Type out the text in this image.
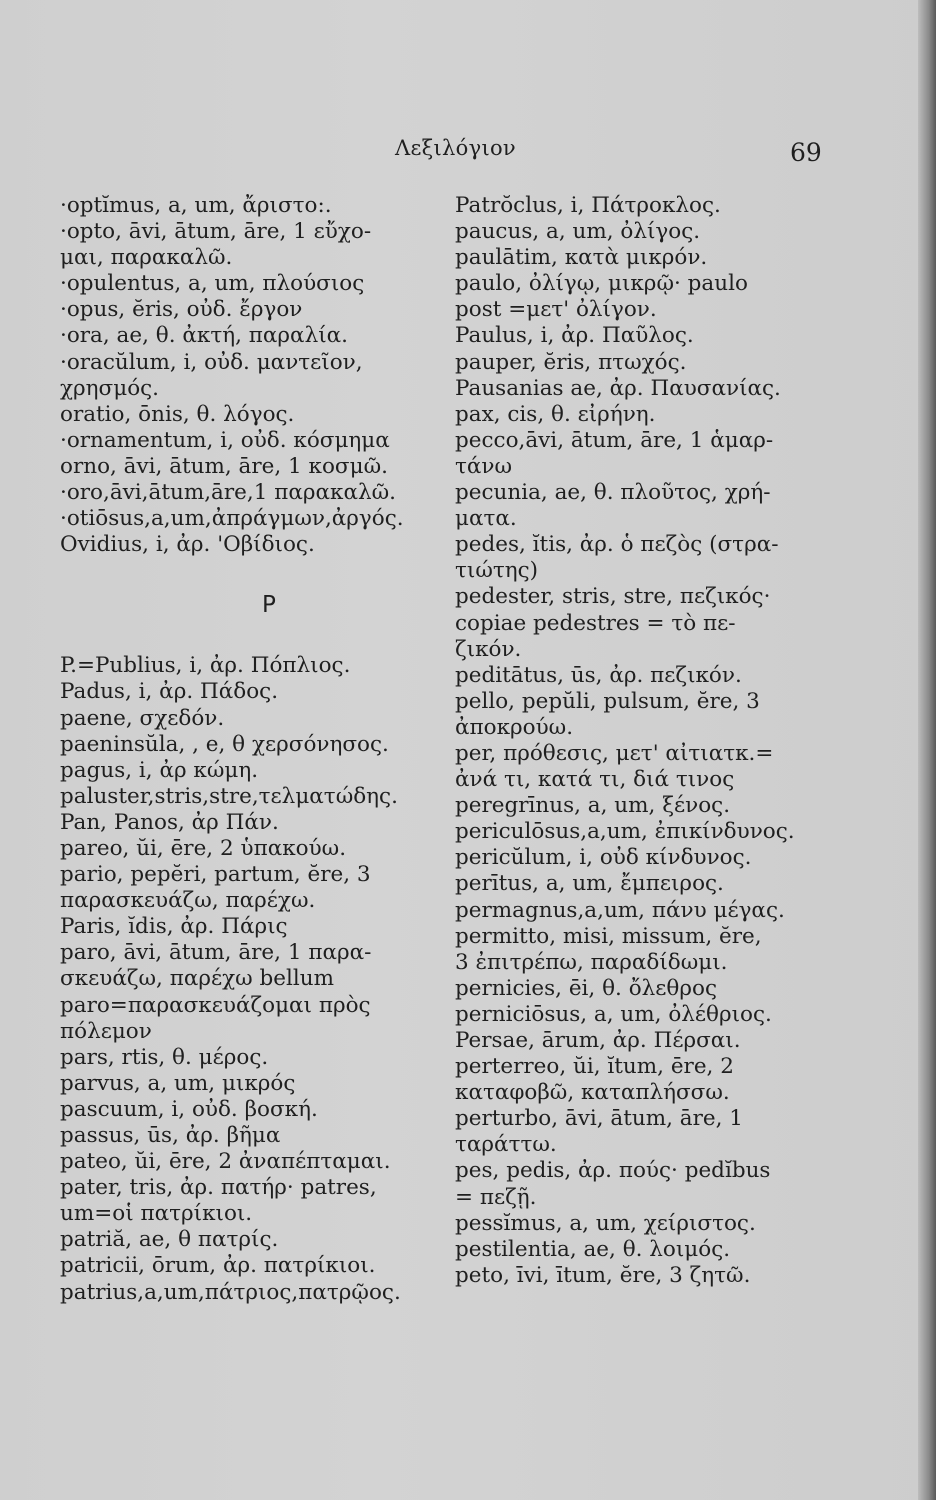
Λεξιλόγιον	69
·optĭmus, a, um, ἄριστο:.
·opto, āvi, ātum, āre, 1 εὔχο-
μαι, παρακαλῶ.
·opulentus, a, um, πλούσιος
·opus, ĕris, οὐδ. ἔργον
·ora, ae, θ. ἀκτή, παραλία.
·oracŭlum, i, οὐδ. μαντεῖον,
χρησμός.
oratio, ōnis, θ. λόγος.
·ornamentum, i, οὐδ. κόσμημα
orno, āvi, ātum, āre, 1 κοσμῶ.
·oro,āvi,ātum,āre,1 παρακαλῶ.
·otiōsus,a,um,ἀπράγμων,ἀργός.
Ovidius, i, ἀρ. 'Οβίδιος.
P
P.=Publius, i, ἀρ. Πόπλιος.
Padus, i, ἀρ. Πάδος.
paene, σχεδόν.
paeninsŭla, , e, θ χερσόνησος.
pagus, i, ἀρ κώμη.
paluster,stris,stre,τελματώδης.
Pan, Panos, ἀρ Πάν.
pareo, ŭi, ēre, 2 ὑπακούω.
pario, pepĕri, partum, ĕre, 3
παρασκευάζω, παρέχω.
Paris, ĭdis, ἀρ. Πάρις
paro, āvi, ātum, āre, 1 παρα-
σκευάζω, παρέχω bellum
paro=παρασκευάζομαι πρὸς
πόλεμον
pars, rtis, θ. μέρος.
parvus, a, um, μικρός
pascuum, i, οὐδ. βοσκή.
passus, ūs, ἀρ. βῆμα
pateo, ŭi, ēre, 2 ἀναπέπταμαι.
pater, tris, ἀρ. πατήρ· patres,
um=οἱ πατρίκιοι.
patriă, ae, θ πατρίς.
patricii, ōrum, ἀρ. πατρίκιοι.
patrius,a,um,πάτριος,πατρῷος.
Patrŏclus, i, Πάτροκλος.
paucus, a, um, ὀλίγος.
paulātim, κατὰ μικρόν.
paulo, ὀλίγῳ, μικρῷ· paulo
post =μετ' ὀλίγον.
Paulus, i, ἀρ. Παῦλος.
pauper, ĕris, πτωχός.
Pausanias ae, ἀρ. Παυσανίας.
pax, cis, θ. εἰρήνη.
pecco,āvi, ātum, āre, 1 ἁμαρ-
τάνω
pecunia, ae, θ. πλοῦτος, χρή-
ματα.
pedes, ĭtis, ἀρ. ὁ πεζὸς (στρα-
τιώτης)
pedester, stris, stre, πεζικός·
copiae pedestres = τὸ πε-
ζικόν.
peditātus, ūs, ἀρ. πεζικόν.
pello, pepŭli, pulsum, ĕre, 3
ἀποκρούω.
per, πρόθεσις, μετ' αἰτιατκ.=
ἀνά τι, κατά τι, διά τινος
peregrīnus, a, um, ξένος.
periculōsus,a,um, ἐπικίνδυνος.
pericŭlum, i, οὐδ κίνδυνος.
perītus, a, um, ἔμπειρος.
permagnus,a,um, πάνυ μέγας.
permitto, misi, missum, ĕre,
3 ἐπιτρέπω, παραδίδωμι.
pernicies, ēi, θ. ὄλεθρος
perniciōsus, a, um, ὀλέθριος.
Persae, ārum, ἀρ. Πέρσαι.
perterreo, ŭi, ĭtum, ēre, 2
καταφοβῶ, καταπλήσσω.
perturbo, āvi, ātum, āre, 1
ταράττω.
pes, pedis, ἀρ. πούς· pedĭbus
= πεζῇ.
pessĭmus, a, um, χείριστος.
pestilentia, ae, θ. λοιμός.
peto, īvi, ītum, ĕre, 3 ζητῶ.
